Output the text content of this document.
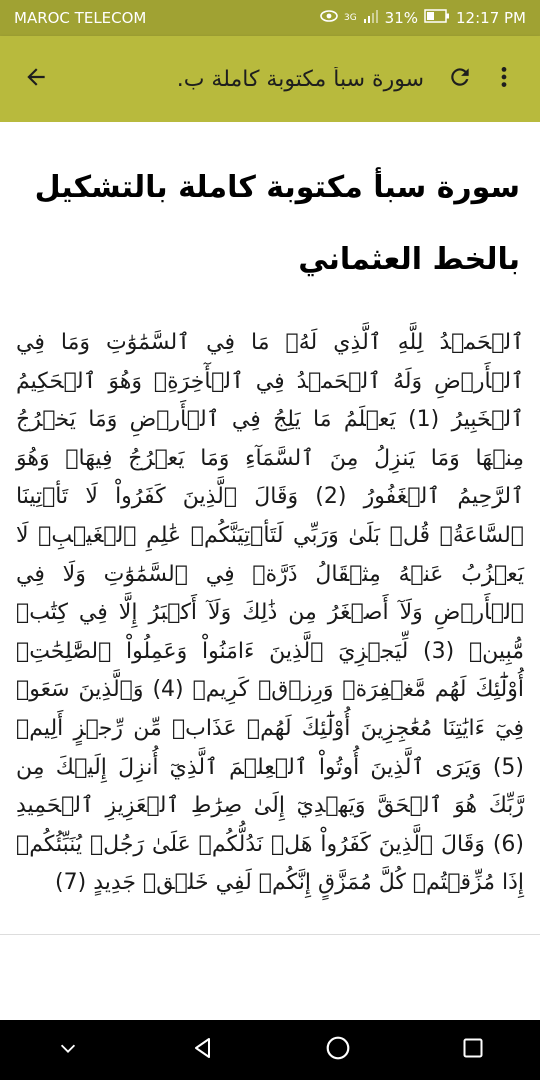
MAROC TELECOM	3G 31%	12:17 PM
سورة سبأ مكتوبة كاملة ب.
سورة سبأ مكتوبة كاملة بالتشكيل بالخط العثماني

ٱلۡحَمۡدُ لِلَّهِ ٱلَّذِي لَهُۥ مَا فِي ٱلسَّمَٰوَٰتِ وَمَا فِي ٱلۡأَرۡضِ وَلَهُ ٱلۡحَمۡدُ فِي ٱلۡأٓخِرَةِۚ وَهُوَ ٱلۡحَكِيمُ ٱلۡخَبِيرُ (1) يَعۡلَمُ مَا يَلِجُ فِي ٱلۡأَرۡضِ وَمَا يَخۡرُجُ مِنۡهَا وَمَا يَنزِلُ مِنَ ٱلسَّمَآءِ وَمَا يَعۡرُجُ فِيهَاۚ وَهُوَ ٱلرَّحِيمُ ٱلۡغَفُورُ (2) وَقَالَ ٱلَّذِينَ كَفَرُواْ لَا تَأۡتِينَا ٱلسَّاعَةُۖ قُلۡ بَلَىٰ وَرَبِّي لَتَأۡتِيَنَّكُمۡ عَٰلِمِ ٱلۡغَيۡبِۖ لَا يَعۡزُبُ عَنۡهُ مِثۡقَالُ ذَرَّةٖ فِي ٱلسَّمَٰوَٰتِ وَلَا فِي ٱلۡأَرۡضِ وَلَآ أَصۡغَرُ مِن ذَٰلِكَ وَلَآ أَكۡبَرُ إِلَّا فِي كِتَٰبٖ مُّبِينٖ (3) لِّيَجۡزِيَ ٱلَّذِينَ ءَامَنُواْ وَعَمِلُواْ ٱلصَّٰلِحَٰتِۚ أُوْلَٰٓئِكَ لَهُم مَّغۡفِرَةٞ وَرِزۡقٞ كَرِيمٞ (4) وَٱلَّذِينَ سَعَوۡ فِيٓ ءَايَٰتِنَا مُعَٰجِزِينَ أُوْلَٰٓئِكَ لَهُمۡ عَذَابٞ مِّن رِّجۡزٍ أَلِيمٞ (5) وَيَرَى ٱلَّذِينَ أُوتُواْ ٱلۡعِلۡمَ ٱلَّذِيٓ أُنزِلَ إِلَيۡكَ مِن رَّبِّكَ هُوَ ٱلۡحَقَّ وَيَهۡدِيٓ إِلَىٰ صِرَٰطِ ٱلۡعَزِيزِ ٱلۡحَمِيدِ (6) وَقَالَ ٱلَّذِينَ كَفَرُواْ هَلۡ نَدُلُّكُمۡ عَلَىٰ رَجُلٖ يُنَبِّئُكُمۡ إِذَا مُزِّقۡتُمۡ كُلَّ مُمَزَّقٍ إِنَّكُمۡ لَفِي خَلۡقٖ جَدِيدٍ (7)
